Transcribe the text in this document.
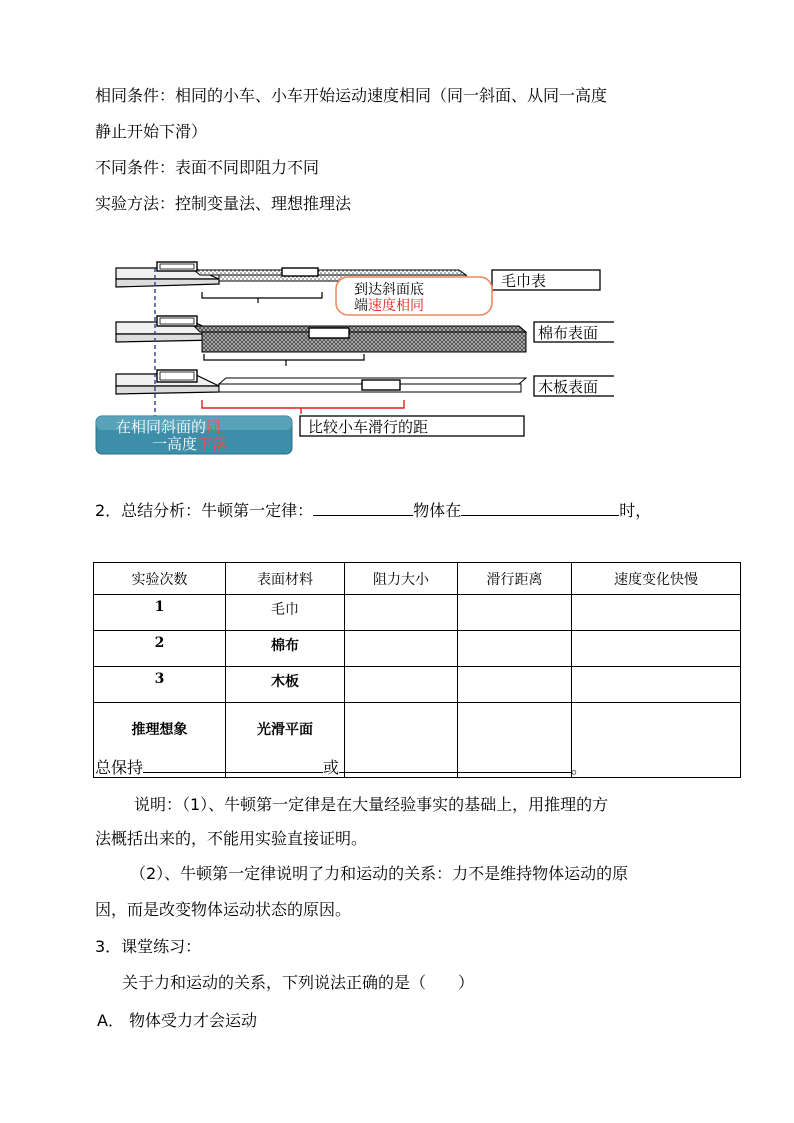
相同条件：相同的小车、小车开始运动速度相同（同一斜面、从同一高度
静止开始下滑）
不同条件：表面不同即阻力不同
实验方法：控制变量法、理想推理法
毛巾表
棉布表面
木板表面
到达斜面底
端速度相同
在相同斜面的同
一高度下落
比较小车滑行的距
2．总结分析：牛顿第一定律：	物体在	时，
实验次数	表面材料	阻力大小	滑行距离	速度变化快慢
1	毛巾			
2	棉布			
3	木板			
推理想象	光滑平面			
总保持	或	。
说明：（1）、牛顿第一定律是在大量经验事实的基础上，用推理的方
法概括出来的，不能用实验直接证明。
（2）、牛顿第一定律说明了力和运动的关系：力不是维持物体运动的原
因，而是改变物体运动状态的原因。
3．课堂练习：
关于力和运动的关系，下列说法正确的是（　　）
A． 物体受力才会运动
